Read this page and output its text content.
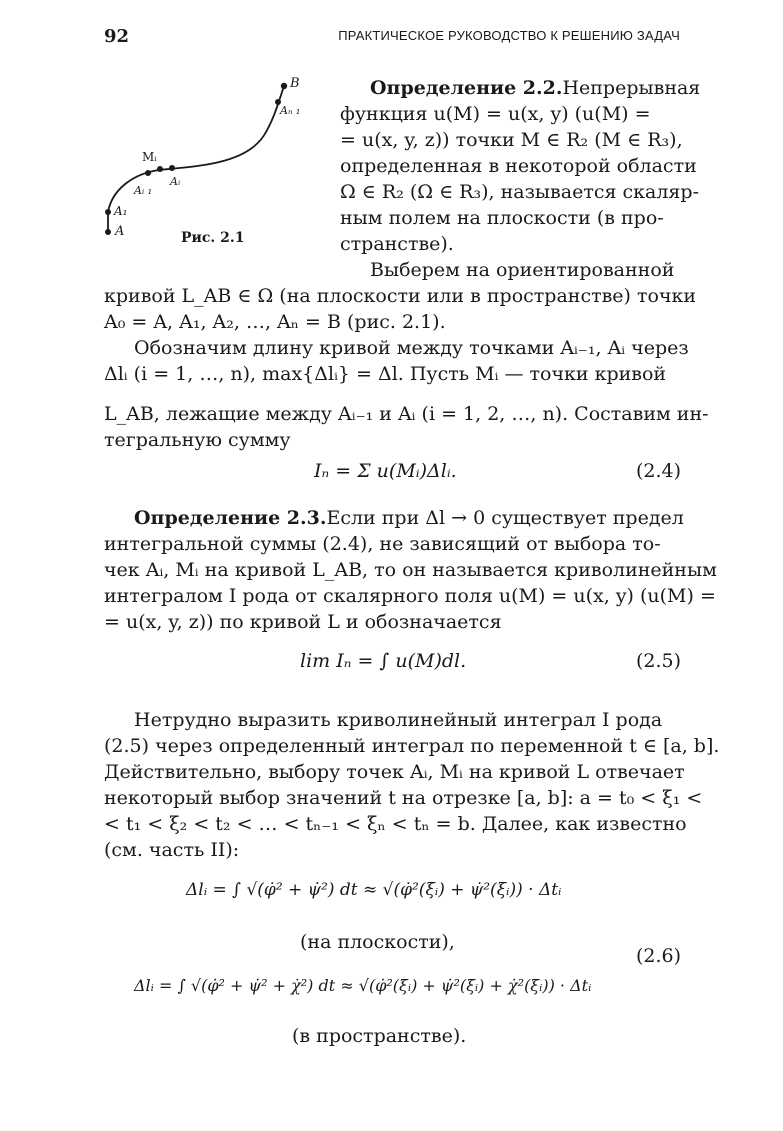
92	ПРАКТИЧЕСКОЕ РУКОВОДСТВО К РЕШЕНИЮ ЗАДАЧ
B
Aₙ ₁
Mᵢ
Aᵢ
Aᵢ ₁
A₁
A	Рис. 2.1
Определение 2.2. Непрерывная
функция u(M) = u(x, y) (u(M) =
= u(x, y, z)) точки M ∈ R₂ (M ∈ R₃),
определенная в некоторой области
Ω ∈ R₂ (Ω ∈ R₃), называется скаляр-
ным полем на плоскости (в про-
странстве).
Выберем на ориентированной
кривой L_AB ∈ Ω (на плоскости или в пространстве) точки
A₀ = A, A₁, A₂, …, Aₙ = B (рис. 2.1).
Обозначим длину кривой между точками Aᵢ₋₁, Aᵢ через
Δlᵢ (i = 1, …, n), max{Δlᵢ} = Δl. Пусть Mᵢ — точки кривой
L_AB, лежащие между Aᵢ₋₁ и Aᵢ (i = 1, 2, …, n). Составим ин-
тегральную сумму
Iₙ = Σ u(Mᵢ)Δlᵢ.	(2.4)
Определение 2.3. Если при Δl → 0 существует предел
интегральной суммы (2.4), не зависящий от выбора то-
чек Aᵢ, Mᵢ на кривой L_AB, то он называется криволинейным
интегралом I рода от скалярного поля u(M) = u(x, y) (u(M) =
= u(x, y, z)) по кривой L и обозначается
lim Iₙ = ∫ u(M)dl.	(2.5)
Нетрудно выразить криволинейный интеграл I рода
(2.5) через определенный интеграл по переменной t ∈ [a, b].
Действительно, выбору точек Aᵢ, Mᵢ на кривой L отвечает
некоторый выбор значений t на отрезке [a, b]: a = t₀ < ξ₁ <
< t₁ < ξ₂ < t₂ < … < tₙ₋₁ < ξₙ < tₙ = b. Далее, как известно
(см. часть II):
Δlᵢ = ∫ √(φ̇² + ψ̇²) dt ≈ √(φ̇²(ξᵢ) + ψ̇²(ξᵢ)) · Δtᵢ
(на плоскости),
(2.6)
Δlᵢ = ∫ √(φ̇² + ψ̇² + χ̇²) dt ≈ √(φ̇²(ξᵢ) + ψ̇²(ξᵢ) + χ̇²(ξᵢ)) · Δtᵢ
(в пространстве).
